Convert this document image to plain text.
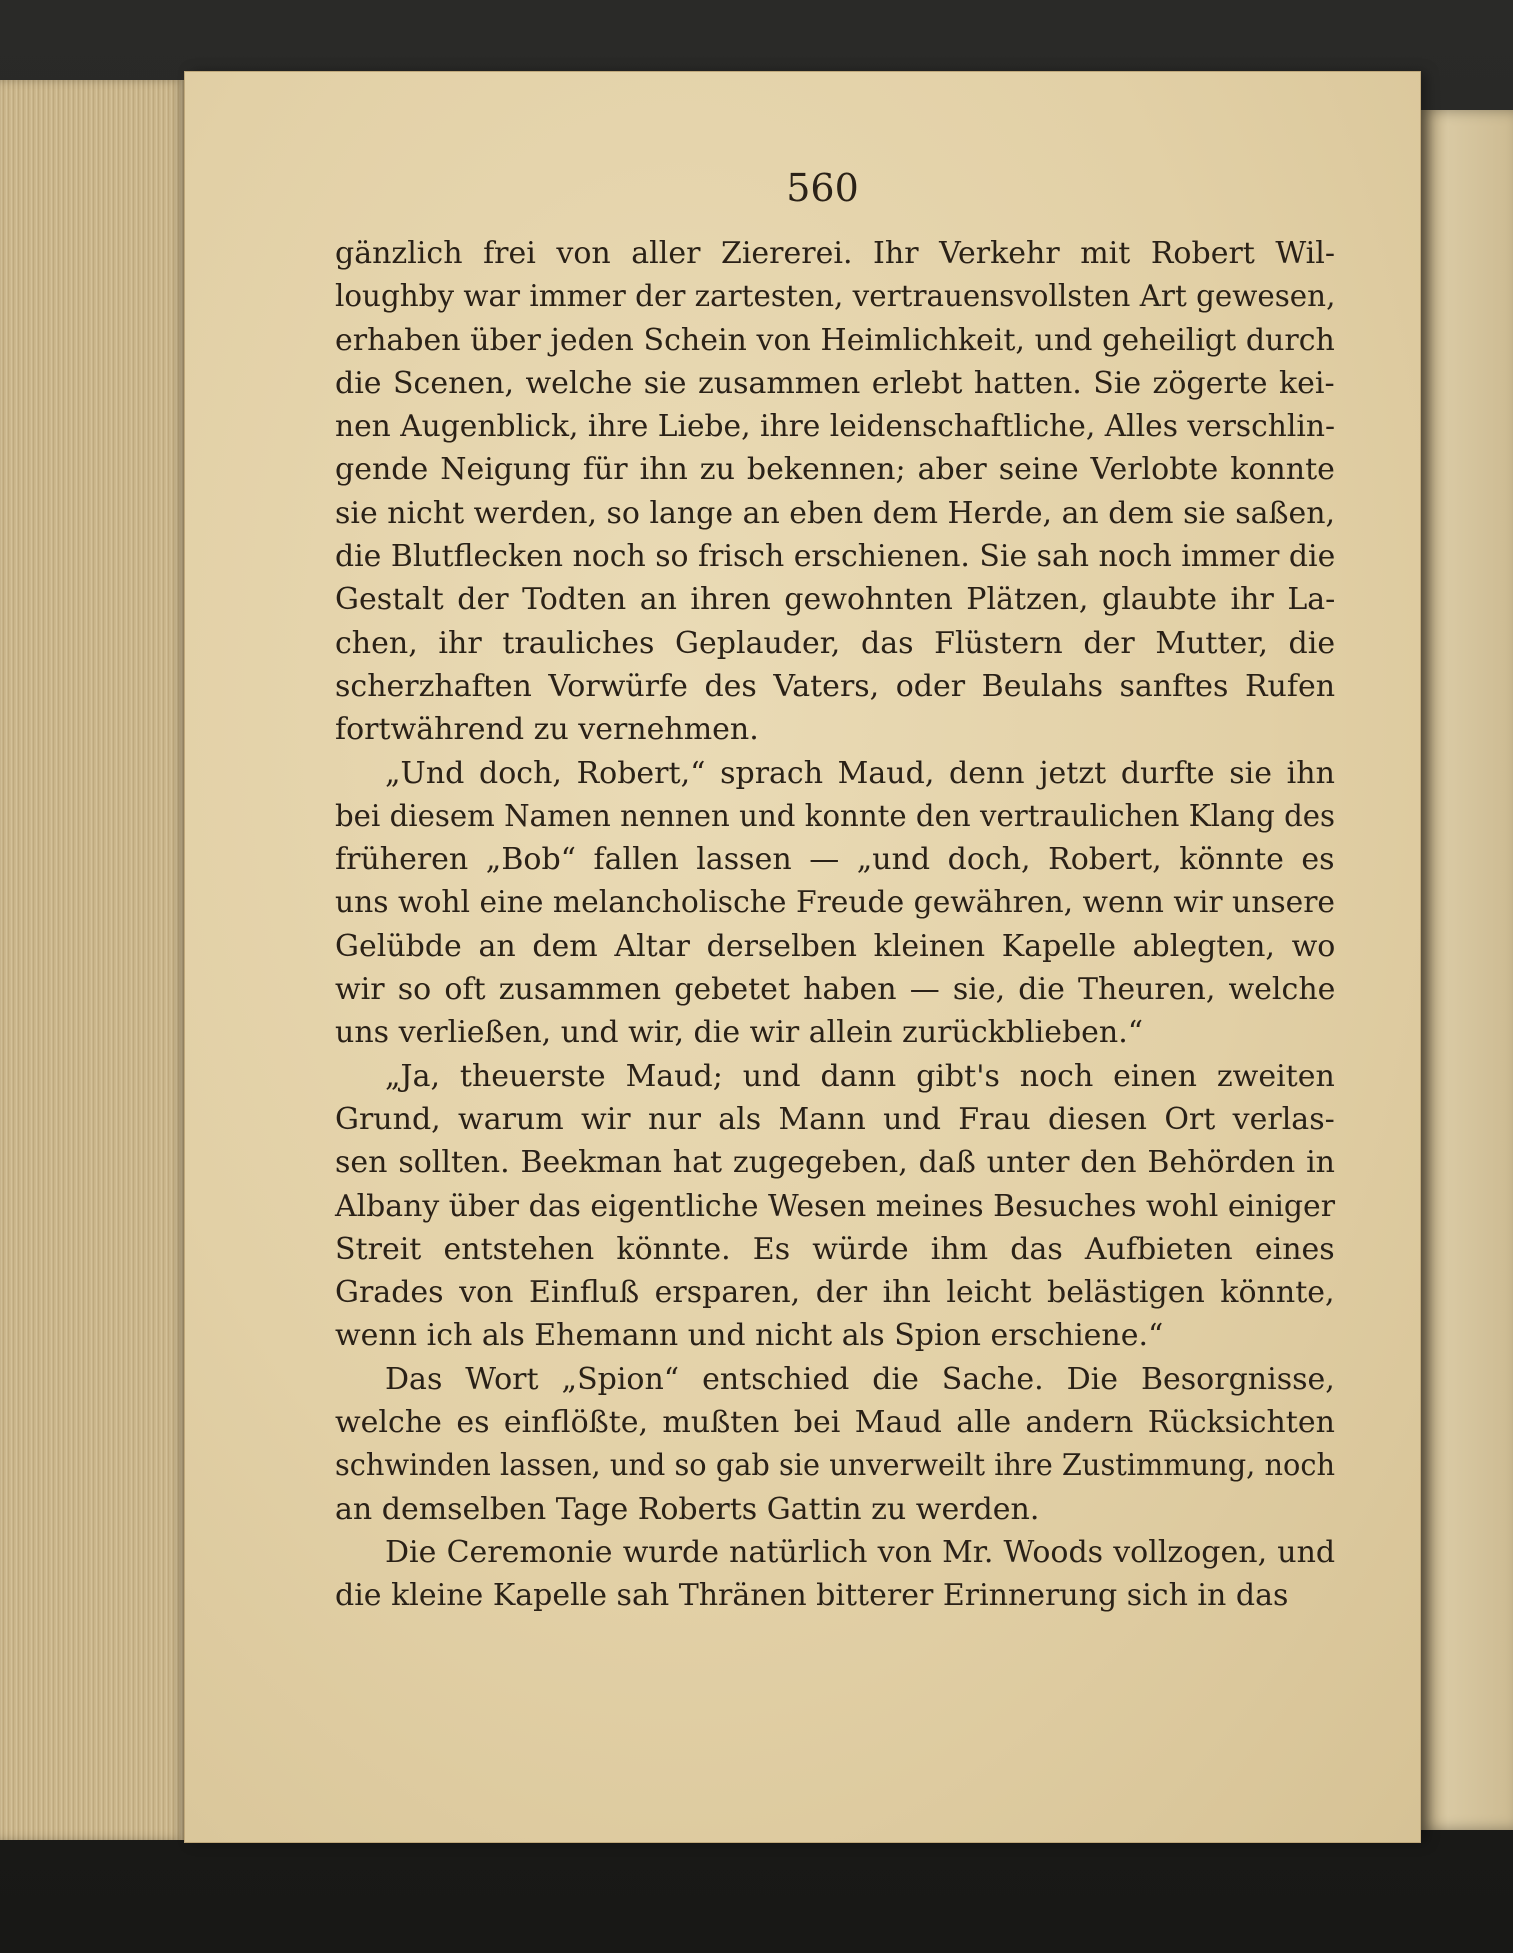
560
gänzlich frei von aller Ziererei. Ihr Verkehr mit Robert Wil-
loughby war immer der zartesten, vertrauensvollsten Art gewesen,
erhaben über jeden Schein von Heimlichkeit, und geheiligt durch
die Scenen, welche sie zusammen erlebt hatten. Sie zögerte kei-
nen Augenblick, ihre Liebe, ihre leidenschaftliche, Alles verschlin-
gende Neigung für ihn zu bekennen; aber seine Verlobte konnte
sie nicht werden, so lange an eben dem Herde, an dem sie saßen,
die Blutflecken noch so frisch erschienen. Sie sah noch immer die
Gestalt der Todten an ihren gewohnten Plätzen, glaubte ihr La-
chen, ihr trauliches Geplauder, das Flüstern der Mutter, die
scherzhaften Vorwürfe des Vaters, oder Beulahs sanftes Rufen
fortwährend zu vernehmen.
„Und doch, Robert,“ sprach Maud, denn jetzt durfte sie ihn
bei diesem Namen nennen und konnte den vertraulichen Klang des
früheren „Bob“ fallen lassen — „und doch, Robert, könnte es
uns wohl eine melancholische Freude gewähren, wenn wir unsere
Gelübde an dem Altar derselben kleinen Kapelle ablegten, wo
wir so oft zusammen gebetet haben — sie, die Theuren, welche
uns verließen, und wir, die wir allein zurückblieben.“
„Ja, theuerste Maud; und dann gibt's noch einen zweiten
Grund, warum wir nur als Mann und Frau diesen Ort verlas-
sen sollten. Beekman hat zugegeben, daß unter den Behörden in
Albany über das eigentliche Wesen meines Besuches wohl einiger
Streit entstehen könnte. Es würde ihm das Aufbieten eines
Grades von Einfluß ersparen, der ihn leicht belästigen könnte,
wenn ich als Ehemann und nicht als Spion erschiene.“
Das Wort „Spion“ entschied die Sache. Die Besorgnisse,
welche es einflößte, mußten bei Maud alle andern Rücksichten
schwinden lassen, und so gab sie unverweilt ihre Zustimmung, noch
an demselben Tage Roberts Gattin zu werden.
Die Ceremonie wurde natürlich von Mr. Woods vollzogen, und
die kleine Kapelle sah Thränen bitterer Erinnerung sich in das
